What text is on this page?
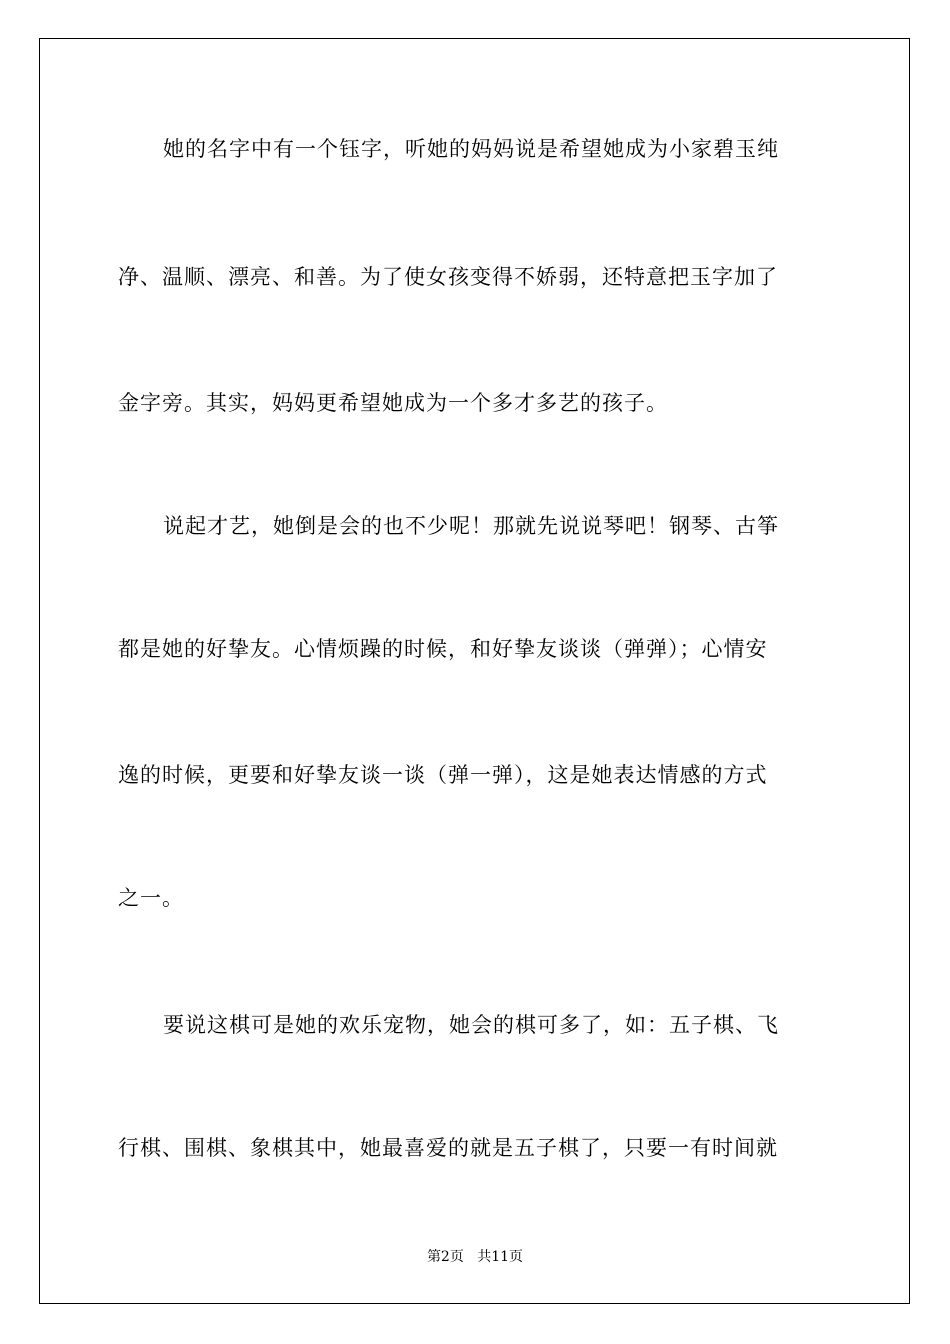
她的名字中有一个钰字，听她的妈妈说是希望她成为小家碧玉纯
净、温顺、漂亮、和善。为了使女孩变得不娇弱，还特意把玉字加了
金字旁。其实，妈妈更希望她成为一个多才多艺的孩子。
说起才艺，她倒是会的也不少呢！那就先说说琴吧！钢琴、古筝
都是她的好挚友。心情烦躁的时候，和好挚友谈谈（弹弹）；心情安
逸的时候，更要和好挚友谈一谈（弹一弹），这是她表达情感的方式
之一。
要说这棋可是她的欢乐宠物，她会的棋可多了，如：五子棋、飞
行棋、围棋、象棋其中，她最喜爱的就是五子棋了，只要一有时间就
第2页 共11页
